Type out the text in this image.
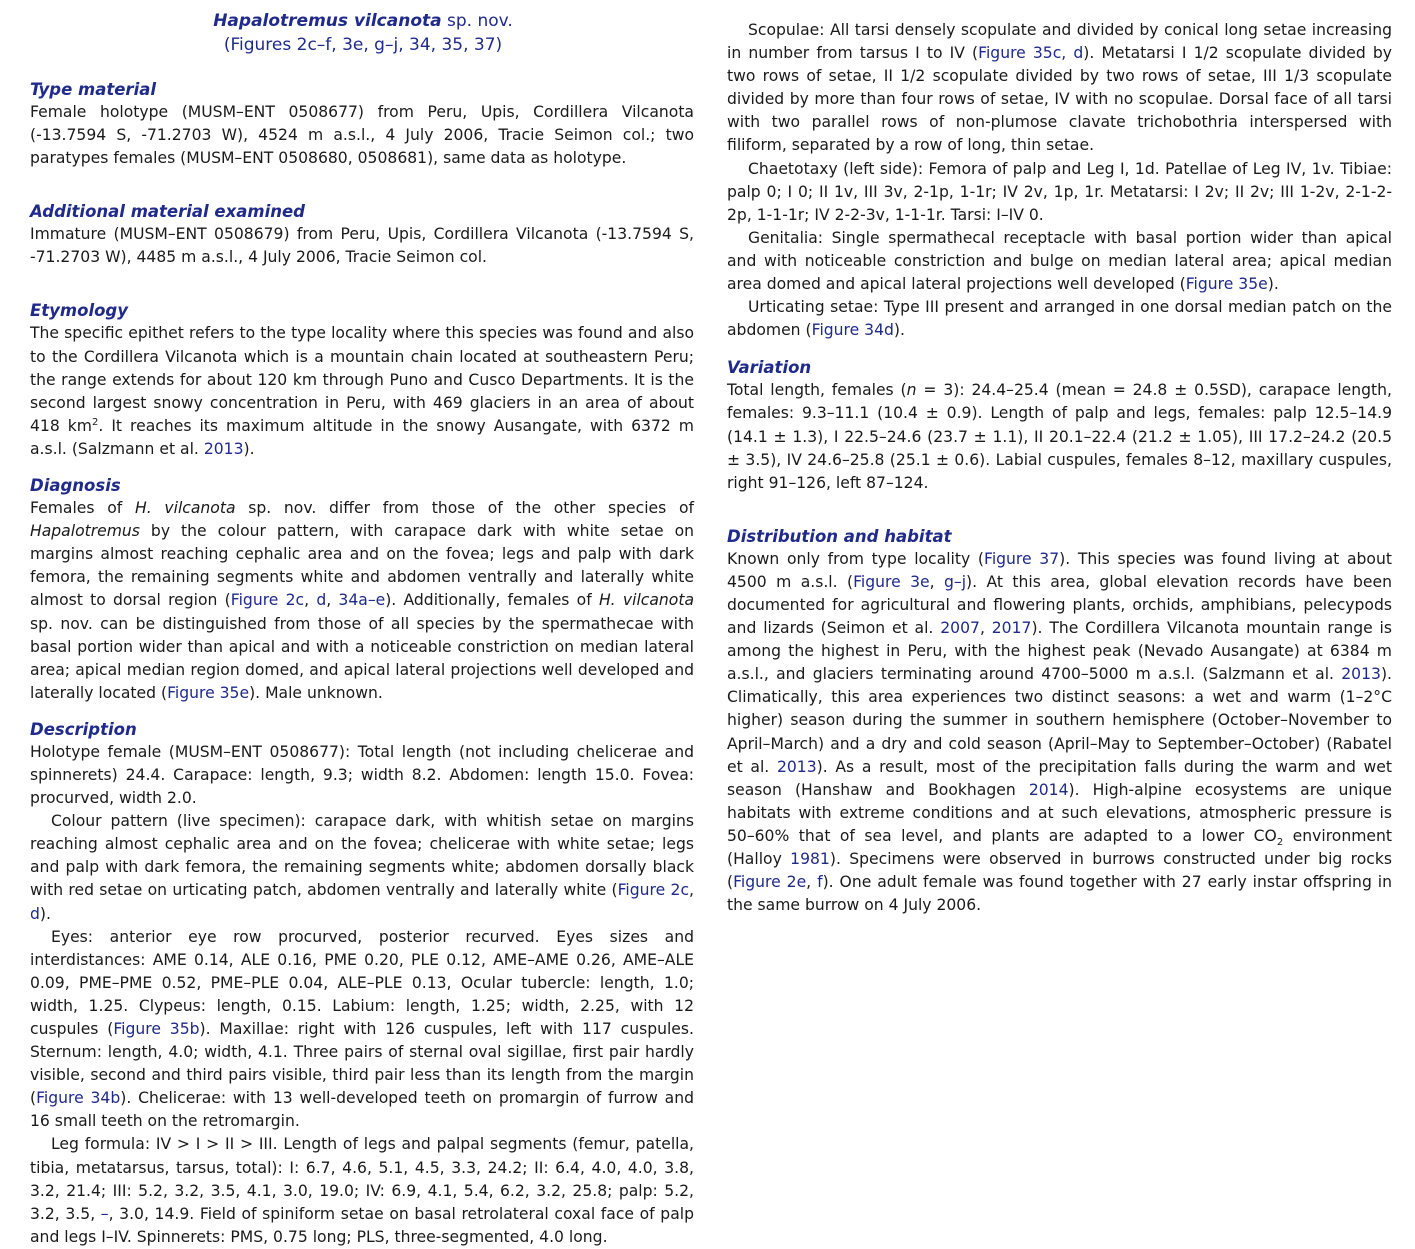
Hapalotremus vilcanota sp. nov.
(Figures 2c–f, 3e, g–j, 34, 35, 37)

Type material

Female holotype (MUSM–ENT 0508677) from Peru, Upis, Cordillera Vilcanota (-13.7594 S, -71.2703 W), 4524 m a.s.l., 4 July 2006, Tracie Seimon col.; two paratypes females (MUSM–ENT 0508680, 0508681), same data as holotype.

Additional material examined

Immature (MUSM–ENT 0508679) from Peru, Upis, Cordillera Vilcanota (-13.7594 S, -71.2703 W), 4485 m a.s.l., 4 July 2006, Tracie Seimon col.

Etymology

The specific epithet refers to the type locality where this species was found and also to the Cordillera Vilcanota which is a mountain chain located at southeastern Peru; the range extends for about 120 km through Puno and Cusco Departments. It is the second largest snowy concentration in Peru, with 469 glaciers in an area of about 418 $km^2$. It reaches its maximum altitude in the snowy Ausangate, with 6372 m a.s.l. (Salzmann et al. 2013).

Diagnosis

Females of H. vilcanota sp. nov. differ from those of the other species of Hapalotremus by the colour pattern, with carapace dark with white setae on margins almost reaching cephalic area and on the fovea; legs and palp with dark femora, the remaining segments white and abdomen ventrally and laterally white almost to dorsal region (Figure 2c, d, 34a–e). Additionally, females of H. vilcanota sp. nov. can be distinguished from those of all species by the spermathecae with basal portion wider than apical and with a noticeable constriction on median lateral area; apical median region domed, and apical lateral projections well developed and laterally located (Figure 35e). Male unknown.

Description

Holotype female (MUSM–ENT 0508677): Total length (not including chelicerae and spinnerets) 24.4. Carapace: length, 9.3; width 8.2. Abdomen: length 15.0. Fovea: procurved, width 2.0.

Colour pattern (live specimen): carapace dark, with whitish setae on margins reaching almost cephalic area and on the fovea; chelicerae with white setae; legs and palp with dark femora, the remaining segments white; abdomen dorsally black with red setae on urticating patch, abdomen ventrally and laterally white (Figure 2c, d).

Eyes: anterior eye row procurved, posterior recurved. Eyes sizes and interdistances: AME 0.14, ALE 0.16, PME 0.20, PLE 0.12, AME–AME 0.26, AME–ALE 0.09, PME–PME 0.52, PME–PLE 0.04, ALE–PLE 0.13, Ocular tubercle: length, 1.0; width, 1.25. Clypeus: length, 0.15. Labium: length, 1.25; width, 2.25, with 12 cuspules (Figure 35b). Maxillae: right with 126 cuspules, left with 117 cuspules. Sternum: length, 4.0; width, 4.1. Three pairs of sternal oval sigillae, first pair hardly visible, second and third pairs visible, third pair less than its length from the margin (Figure 34b). Chelicerae: with 13 well-developed teeth on promargin of furrow and 16 small teeth on the retromargin.

Leg formula: IV > I > II > III. Length of legs and palpal segments (femur, patella, tibia, metatarsus, tarsus, total): I: 6.7, 4.6, 5.1, 4.5, 3.3, 24.2; II: 6.4, 4.0, 4.0, 3.8, 3.2, 21.4; III: 5.2, 3.2, 3.5, 4.1, 3.0, 19.0; IV: 6.9, 4.1, 5.4, 6.2, 3.2, 25.8; palp: 5.2, 3.2, 3.5, –, 3.0, 14.9. Field of spiniform setae on basal retrolateral coxal face of palp and legs I–IV. Spinnerets: PMS, 0.75 long; PLS, three-segmented, 4.0 long.

Scopulae: All tarsi densely scopulate and divided by conical long setae increasing in number from tarsus I to IV (Figure 35c, d). Metatarsi I 1/2 scopulate divided by two rows of setae, II 1/2 scopulate divided by two rows of setae, III 1/3 scopulate divided by more than four rows of setae, IV with no scopulae. Dorsal face of all tarsi with two parallel rows of non-plumose clavate trichobothria interspersed with filiform, separated by a row of long, thin setae.

Chaetotaxy (left side): Femora of palp and Leg I, 1d. Patellae of Leg IV, 1v. Tibiae: palp 0; I 0; II 1v, III 3v, 2-1p, 1-1r; IV 2v, 1p, 1r. Metatarsi: I 2v; II 2v; III 1-2v, 2-1-2-2p, 1-1-1r; IV 2-2-3v, 1-1-1r. Tarsi: I–IV 0.

Genitalia: Single spermathecal receptacle with basal portion wider than apical and with noticeable constriction and bulge on median lateral area; apical median area domed and apical lateral projections well developed (Figure 35e).

Urticating setae: Type III present and arranged in one dorsal median patch on the abdomen (Figure 34d).

Variation

Total length, females (n = 3): 24.4–25.4 (mean = 24.8 ± 0.5SD), carapace length, females: 9.3–11.1 (10.4 ± 0.9). Length of palp and legs, females: palp 12.5–14.9 (14.1 ± 1.3), I 22.5–24.6 (23.7 ± 1.1), II 20.1–22.4 (21.2 ± 1.05), III 17.2–24.2 (20.5 ± 3.5), IV 24.6–25.8 (25.1 ± 0.6). Labial cuspules, females 8–12, maxillary cuspules, right 91–126, left 87–124.

Distribution and habitat

Known only from type locality (Figure 37). This species was found living at about 4500 m a.s.l. (Figure 3e, g–j). At this area, global elevation records have been documented for agricultural and flowering plants, orchids, amphibians, pelecypods and lizards (Seimon et al. 2007, 2017). The Cordillera Vilcanota mountain range is among the highest in Peru, with the highest peak (Nevado Ausangate) at 6384 m a.s.l., and glaciers terminating around 4700–5000 m a.s.l. (Salzmann et al. 2013). Climatically, this area experiences two distinct seasons: a wet and warm (1–2°C higher) season during the summer in southern hemisphere (October–November to April–March) and a dry and cold season (April–May to September–October) (Rabatel et al. 2013). As a result, most of the precipitation falls during the warm and wet season (Hanshaw and Bookhagen 2014). High-alpine ecosystems are unique habitats with extreme conditions and at such elevations, atmospheric pressure is 50–60% that of sea level, and plants are adapted to a lower $CO_2$ environment (Halloy 1981). Specimens were observed in burrows constructed under big rocks (Figure 2e, f). One adult female was found together with 27 early instar offspring in the same burrow on 4 July 2006.
